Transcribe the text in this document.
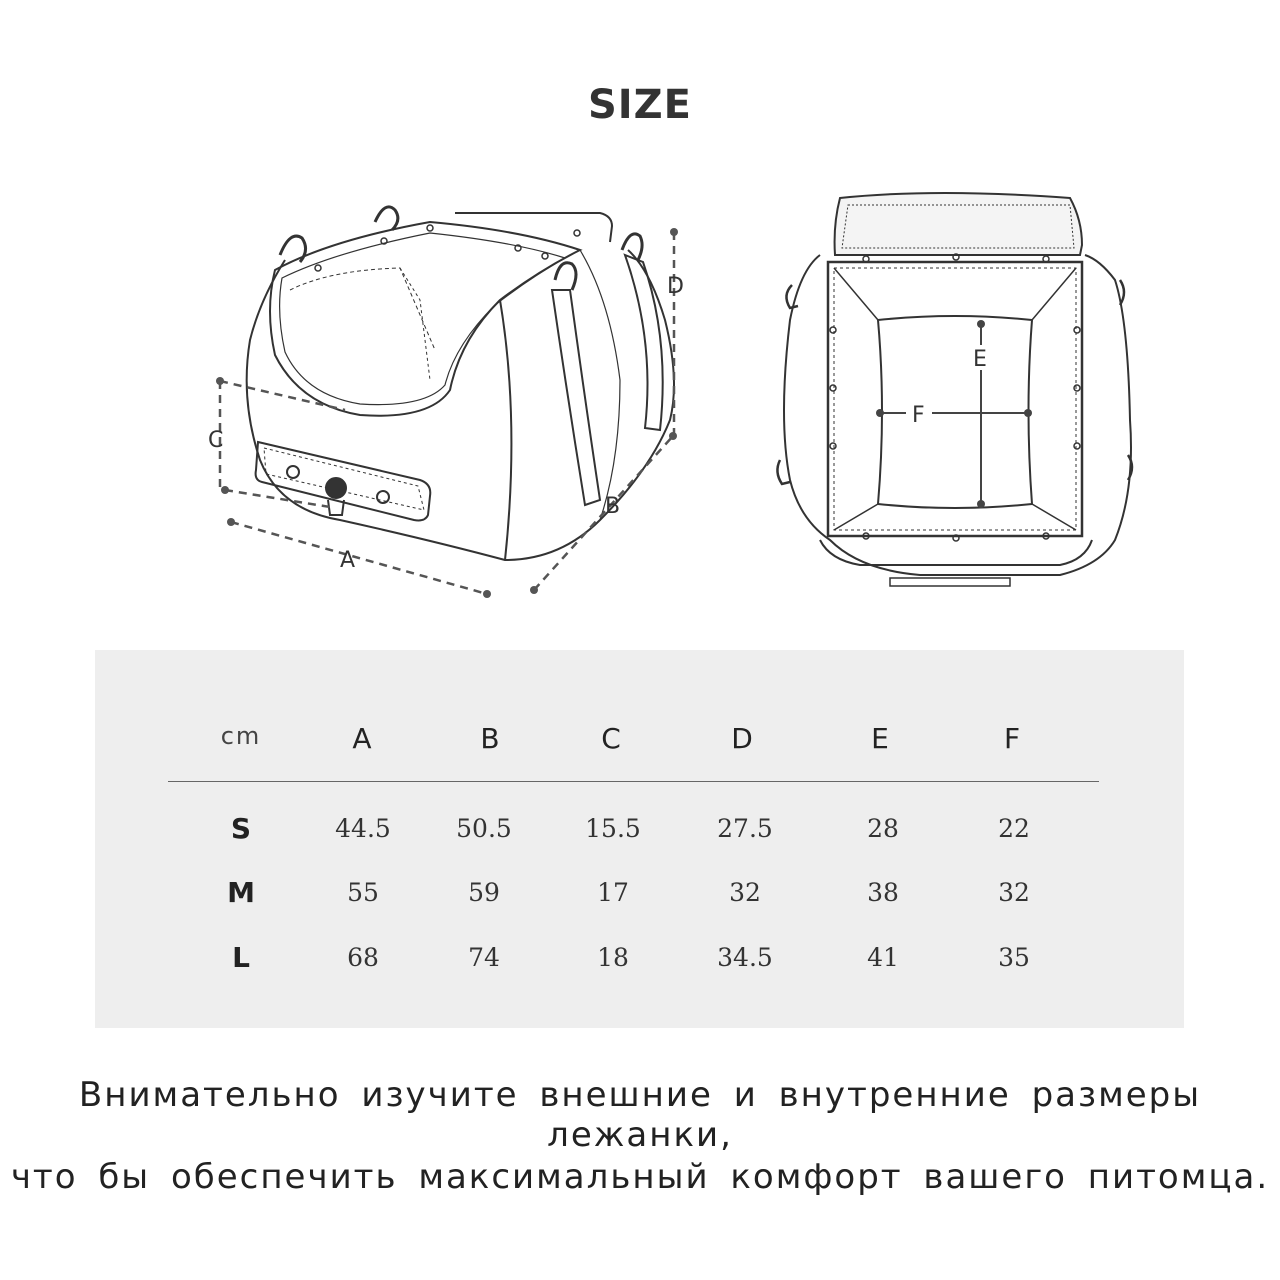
SIZE
A
B
C
D
E
F
cm	A	B	C	D	E	F
S	44.5	50.5	15.5	27.5	28	22
M	55	59	17	32	38	32
L	68	74	18	34.5	41	35
Внимательно изучите внешние и внутренние размеры лежанки,
что бы обеспечить максимальный комфорт вашего питомца.
